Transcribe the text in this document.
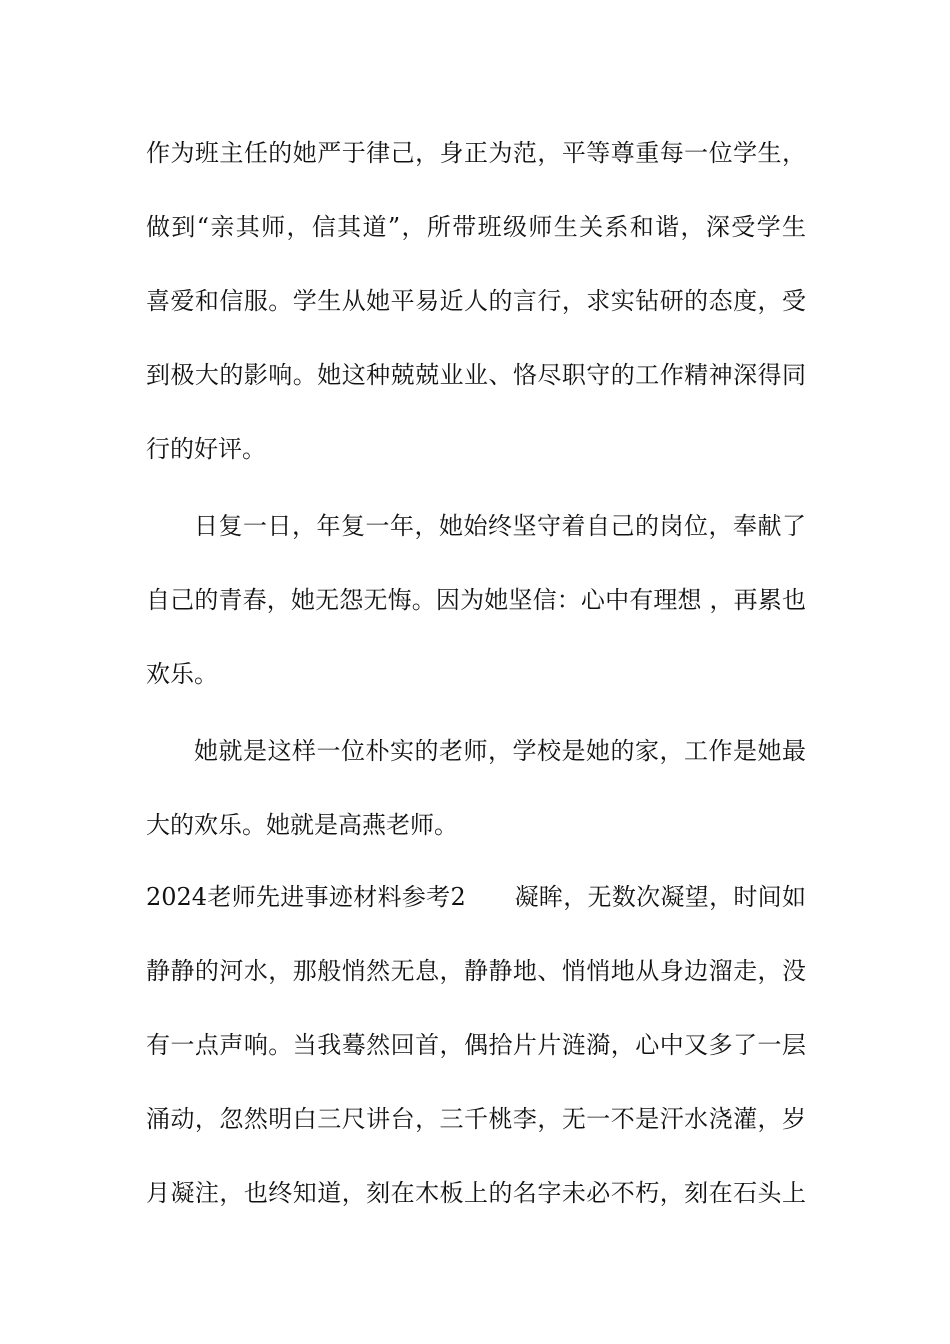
作为班主任的她严于律己，身正为范，平等尊重每一位学生，
做到“亲其师，信其道”，所带班级师生关系和谐，深受学生
喜爱和信服。学生从她平易近人的言行，求实钻研的态度，受
到极大的影响。她这种兢兢业业、恪尽职守的工作精神深得同
行的好评。
日复一日，年复一年，她始终坚守着自己的岗位，奉献了
自己的青春，她无怨无悔。因为她坚信：心中有理想 ，再累也
欢乐。
她就是这样一位朴实的老师，学校是她的家，工作是她最
大的欢乐。她就是高燕老师。
2024老师先进事迹材料参考2　　凝眸，无数次凝望，时间如
静静的河水，那般悄然无息，静静地、悄悄地从身边溜走，没
有一点声响。当我蓦然回首，偶拾片片涟漪，心中又多了一层
涌动，忽然明白三尺讲台，三千桃李，无一不是汗水浇灌，岁
月凝注，也终知道，刻在木板上的名字未必不朽，刻在石头上
